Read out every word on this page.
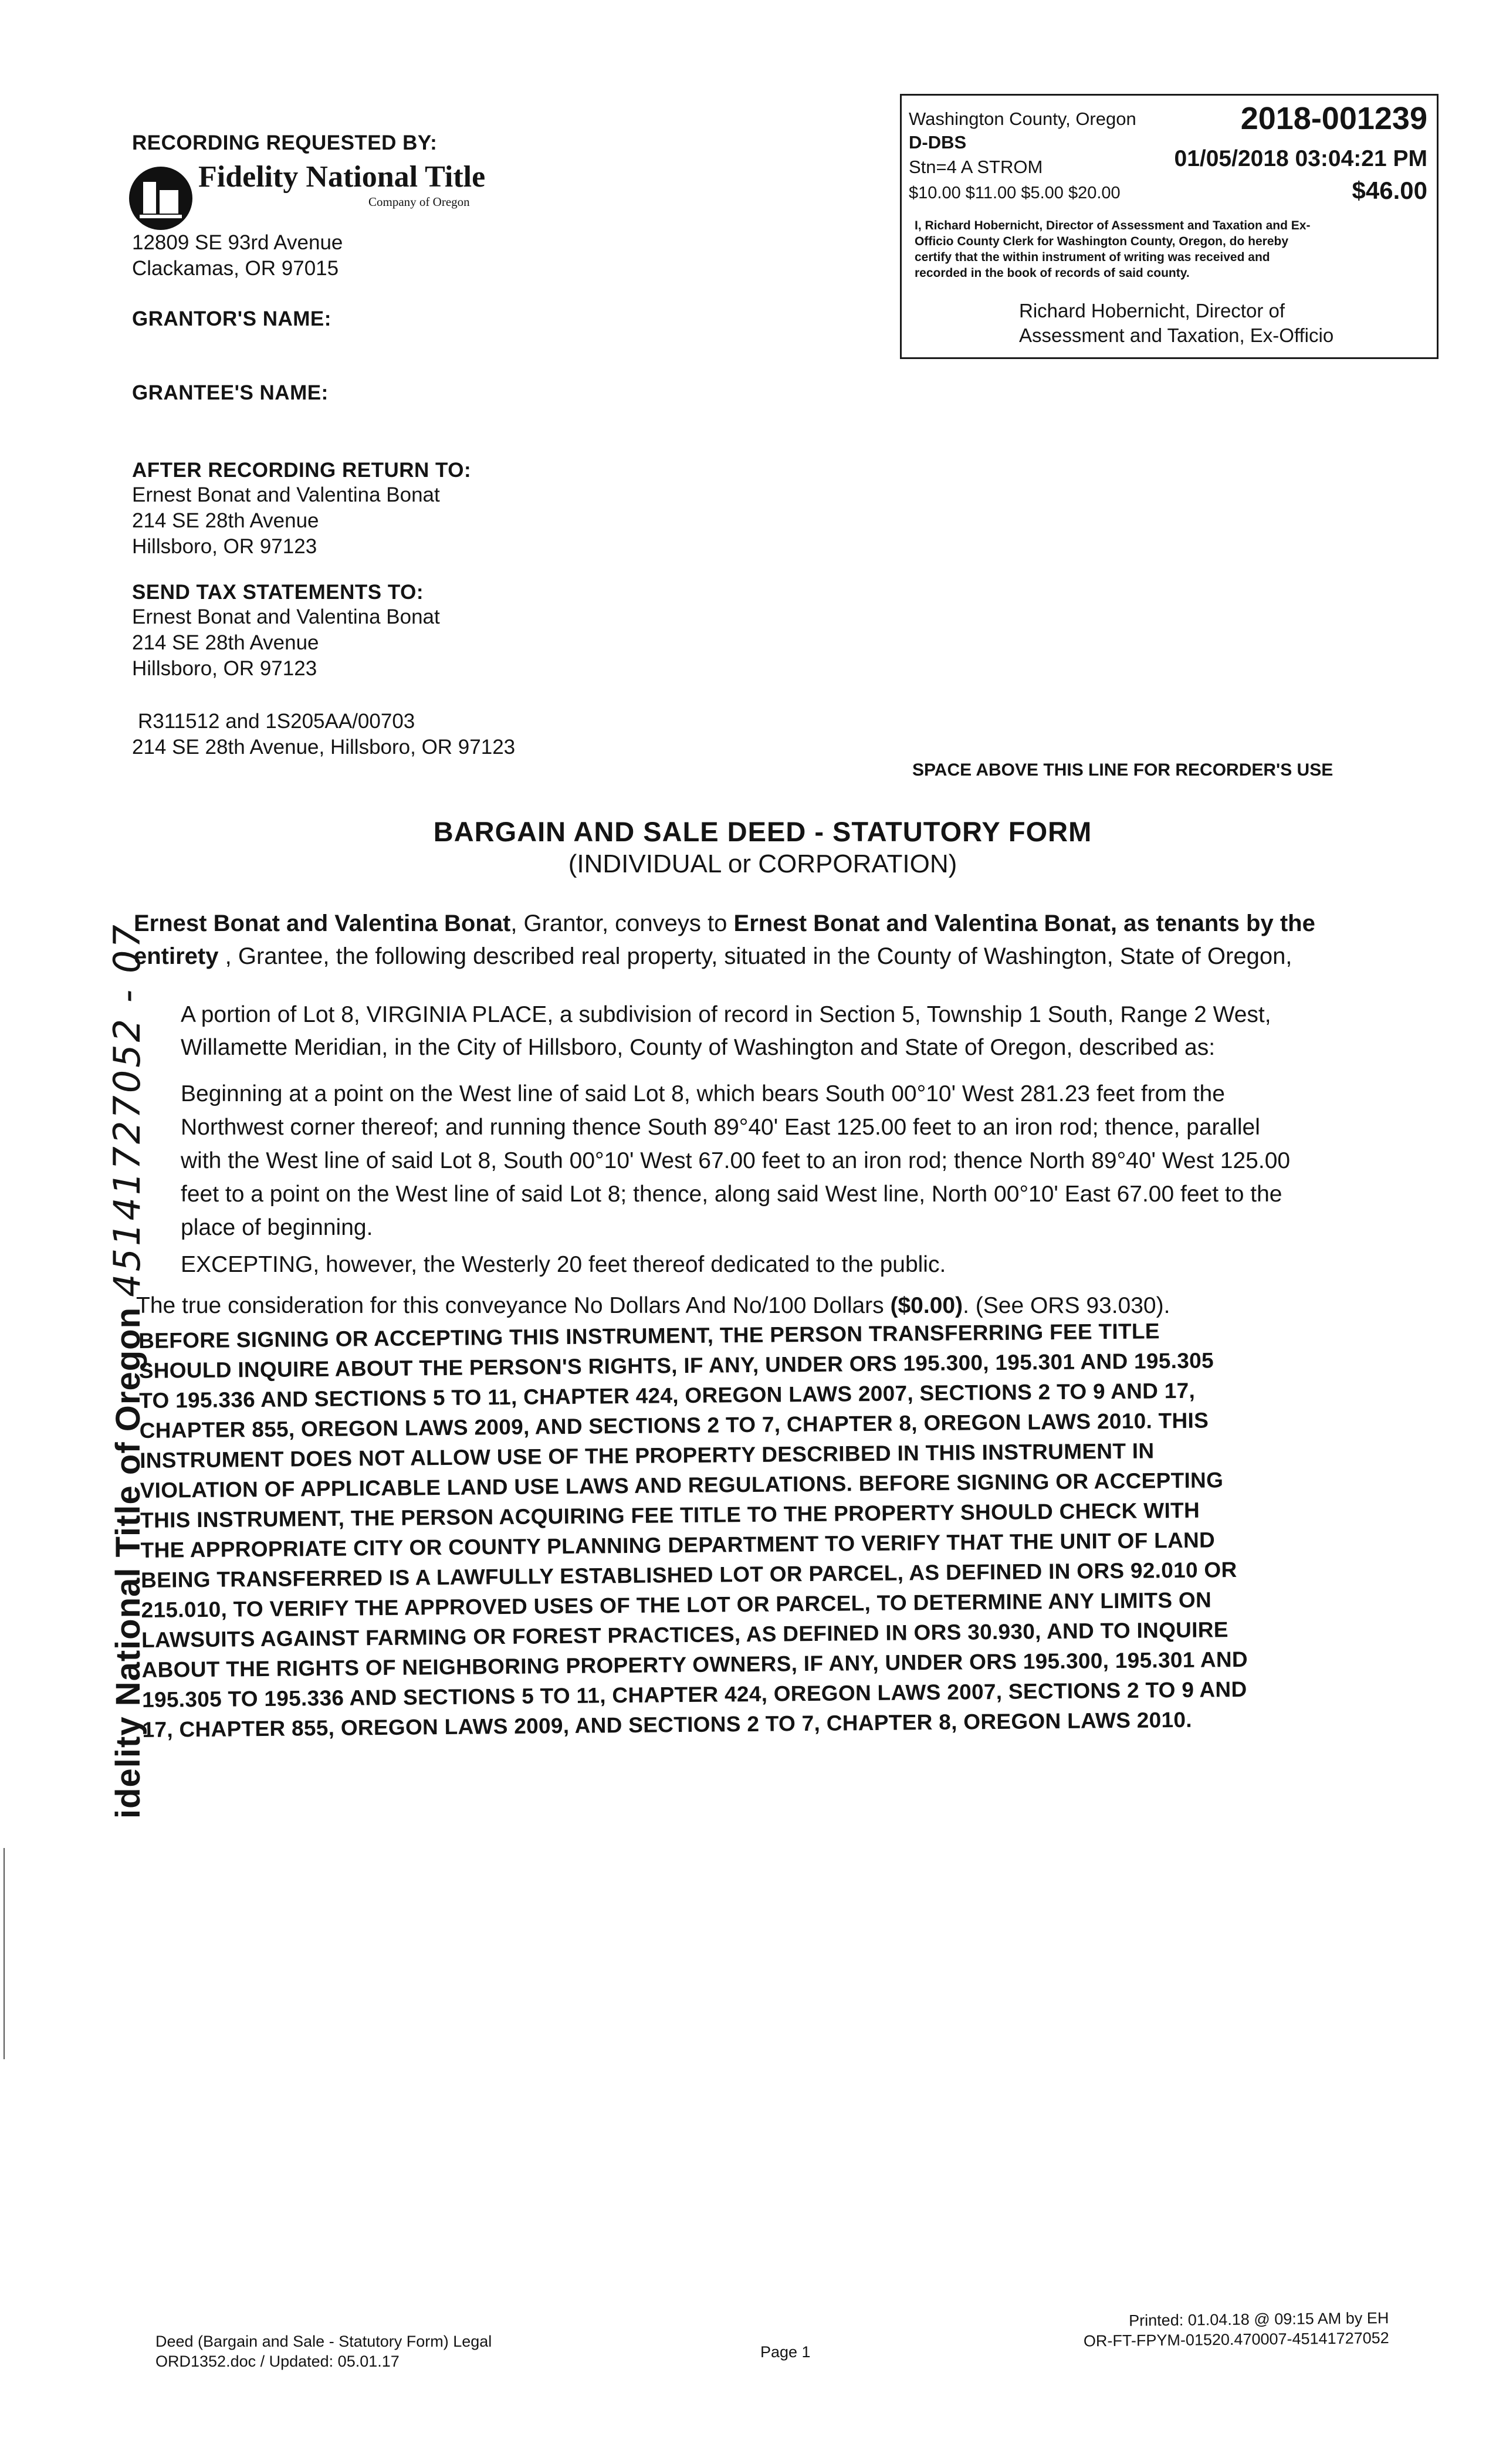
RECORDING REQUESTED BY:
Fidelity National Title
Company of Oregon
12809 SE 93rd Avenue
Clackamas, OR 97015
GRANTOR'S NAME:
GRANTEE'S NAME:
AFTER RECORDING RETURN TO:
Ernest Bonat and Valentina Bonat
214 SE 28th Avenue
Hillsboro, OR 97123
SEND TAX STATEMENTS TO:
Ernest Bonat and Valentina Bonat
214 SE 28th Avenue
Hillsboro, OR 97123
R311512 and 1S205AA/00703
214 SE 28th Avenue, Hillsboro, OR 97123
SPACE ABOVE THIS LINE FOR RECORDER'S USE
Washington County, Oregon	2018-001239
D-DBS
Stn=4 A STROM	01/05/2018 03:04:21 PM
$10.00 $11.00 $5.00 $20.00	$46.00
I, Richard Hobernicht, Director of Assessment and Taxation and Ex-
Officio County Clerk for Washington County, Oregon, do hereby
certify that the within instrument of writing was received and
recorded in the book of records of said county.
Richard Hobernicht, Director of
Assessment and Taxation, Ex-Officio
BARGAIN AND SALE DEED - STATUTORY FORM
(INDIVIDUAL or CORPORATION)
Ernest Bonat and Valentina Bonat, Grantor, conveys to Ernest Bonat and Valentina Bonat, as tenants by the
entirety , Grantee, the following described real property, situated in the County of Washington, State of Oregon,
A portion of Lot 8, VIRGINIA PLACE, a subdivision of record in Section 5, Township 1 South, Range 2 West,
Willamette Meridian, in the City of Hillsboro, County of Washington and State of Oregon, described as:
Beginning at a point on the West line of said Lot 8, which bears South 00°10' West 281.23 feet from the
Northwest corner thereof; and running thence South 89°40' East 125.00 feet to an iron rod; thence, parallel
with the West line of said Lot 8, South 00°10' West 67.00 feet to an iron rod; thence North 89°40' West 125.00
feet to a point on the West line of said Lot 8; thence, along said West line, North 00°10' East 67.00 feet to the
place of beginning.
EXCEPTING, however, the Westerly 20 feet thereof dedicated to the public.
The true consideration for this conveyance No Dollars And No/100 Dollars ($0.00). (See ORS 93.030).
BEFORE SIGNING OR ACCEPTING THIS INSTRUMENT, THE PERSON TRANSFERRING FEE TITLE
SHOULD INQUIRE ABOUT THE PERSON'S RIGHTS, IF ANY, UNDER ORS 195.300, 195.301 AND 195.305
TO 195.336 AND SECTIONS 5 TO 11, CHAPTER 424, OREGON LAWS 2007, SECTIONS 2 TO 9 AND 17,
CHAPTER 855, OREGON LAWS 2009, AND SECTIONS 2 TO 7, CHAPTER 8, OREGON LAWS 2010. THIS
INSTRUMENT DOES NOT ALLOW USE OF THE PROPERTY DESCRIBED IN THIS INSTRUMENT IN
VIOLATION OF APPLICABLE LAND USE LAWS AND REGULATIONS. BEFORE SIGNING OR ACCEPTING
THIS INSTRUMENT, THE PERSON ACQUIRING FEE TITLE TO THE PROPERTY SHOULD CHECK WITH
THE APPROPRIATE CITY OR COUNTY PLANNING DEPARTMENT TO VERIFY THAT THE UNIT OF LAND
BEING TRANSFERRED IS A LAWFULLY ESTABLISHED LOT OR PARCEL, AS DEFINED IN ORS 92.010 OR
215.010, TO VERIFY THE APPROVED USES OF THE LOT OR PARCEL, TO DETERMINE ANY LIMITS ON
LAWSUITS AGAINST FARMING OR FOREST PRACTICES, AS DEFINED IN ORS 30.930, AND TO INQUIRE
ABOUT THE RIGHTS OF NEIGHBORING PROPERTY OWNERS, IF ANY, UNDER ORS 195.300, 195.301 AND
195.305 TO 195.336 AND SECTIONS 5 TO 11, CHAPTER 424, OREGON LAWS 2007, SECTIONS 2 TO 9 AND
17, CHAPTER 855, OREGON LAWS 2009, AND SECTIONS 2 TO 7, CHAPTER 8, OREGON LAWS 2010.
idelity National Title of Oregon 45141727052 - 07
Deed (Bargain and Sale - Statutory Form) Legal
ORD1352.doc / Updated: 05.01.17
Page 1
Printed: 01.04.18 @ 09:15 AM by EH
OR-FT-FPYM-01520.470007-45141727052
